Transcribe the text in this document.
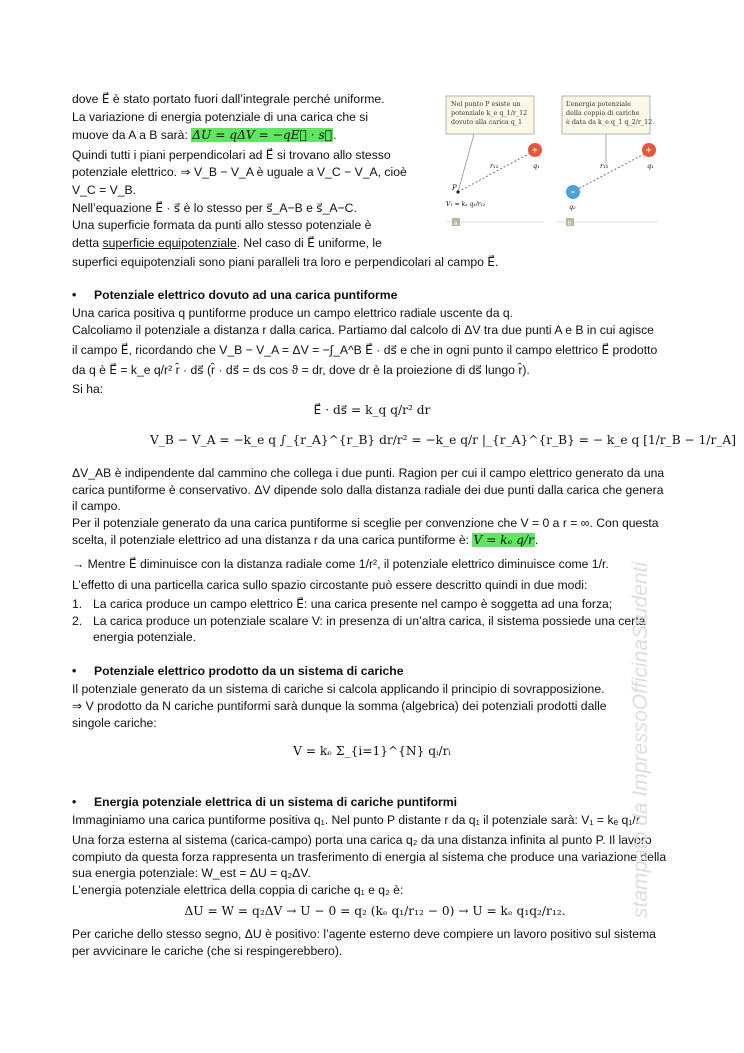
dove E⃗ è stato portato fuori dall’integrale perché uniforme.
La variazione di energia potenziale di una carica che si
muove da A a B sarà: ΔU = qΔV = −qE⃗ · s⃗.
Quindi tutti i piani perpendicolari ad E⃗ si trovano allo stesso
potenziale elettrico. ⇒ V_B − V_A è uguale a V_C − V_A, cioè
V_C = V_B.
Nell’equazione E⃗ · s⃗ è lo stesso per s⃗_A−B e s⃗_A−C.
Una superficie formata da punti allo stesso potenziale è
detta superficie equipotenziale. Nel caso di E⃗ uniforme, le
superfici equipotenziali sono piani paralleli tra loro e perpendicolari al campo E⃗.
Nel punto P esiste un
potenziale k_e q_1/r_12
dovuto alla carica q_1
P
r₁₂
+
q₁
V₁ = kₑ q₁/r₁₂
a
L’energia potenziale
della coppia di cariche
è data da k_e q_1 q_2/r_12.
−
q₂
+
q₁
r₁₂
b
• Potenziale elettrico dovuto ad una carica puntiforme
Una carica positiva q puntiforme produce un campo elettrico radiale uscente da q.
Calcoliamo il potenziale a distanza r dalla carica. Partiamo dal calcolo di ΔV tra due punti A e B in cui agisce
il campo E⃗, ricordando che V_B − V_A = ΔV = −∫_A^B E⃗ · ds⃗ e che in ogni punto il campo elettrico E⃗ prodotto
da q è E⃗ = k_e q/r² r̂ · ds⃗ (r̂ · ds⃗ = ds cos ϑ = dr, dove dr è la proiezione di ds⃗ lungo r̂).
Si ha:
E⃗ · ds⃗ = k_q q/r² dr
V_B − V_A = −k_e q ∫_{r_A}^{r_B} dr/r² = −k_e q/r |_{r_A}^{r_B} = − k_e q [1/r_B − 1/r_A]

ΔV_AB è indipendente dal cammino che collega i due punti. Ragion per cui il campo elettrico generato da una carica puntiforme è conservativo. ΔV dipende solo dalla distanza radiale dei due punti dalla carica che genera il campo.

Per il potenziale generato da una carica puntiforme si sceglie per convenzione che V = 0 a r = ∞. Con questa scelta, il potenziale elettrico ad una distanza r da una carica puntiforme è: V = kₑ q/r.

→ Mentre E⃗ diminuisce con la distanza radiale come 1/r², il potenziale elettrico diminuisce come 1/r.
L’effetto di una particella carica sullo spazio circostante può essere descritto quindi in due modi:
1. La carica produce un campo elettrico E⃗: una carica presente nel campo è soggetta ad una forza;
2. La carica produce un potenziale scalare V: in presenza di un’altra carica, il sistema possiede una certa energia potenziale.
• Potenziale elettrico prodotto da un sistema di cariche
Il potenziale generato da un sistema di cariche si calcola applicando il principio di sovrapposizione.
⇒ V prodotto da N cariche puntiformi sarà dunque la somma (algebrica) dei potenziali prodotti dalle
singole cariche:
V = kₑ Σ_{i=1}^{N} qᵢ/rᵢ
• Energia potenziale elettrica di un sistema di cariche puntiformi
Immaginiamo una carica puntiforme positiva q₁. Nel punto P distante r da q₁ il potenziale sarà: V₁ = kₑ q₁/r.

Una forza esterna al sistema (carica-campo) porta una carica q₂ da una distanza infinita al punto P. Il lavoro compiuto da questa forza rappresenta un trasferimento di energia al sistema che produce una variazione della sua energia potenziale: W_est = ΔU = q₂ΔV.

L’energia potenziale elettrica della coppia di cariche q₁ e q₂ è:
ΔU = W = q₂ΔV → U − 0 = q₂ (kₑ q₁/r₁₂ − 0) → U = kₑ q₁q₂/r₁₂.

Per cariche dello stesso segno, ΔU è positivo: l’agente esterno deve compiere un lavoro positivo sul sistema per avvicinare le cariche (che si respingerebbero).

stampato da ImpressoOfficinaStudenti
